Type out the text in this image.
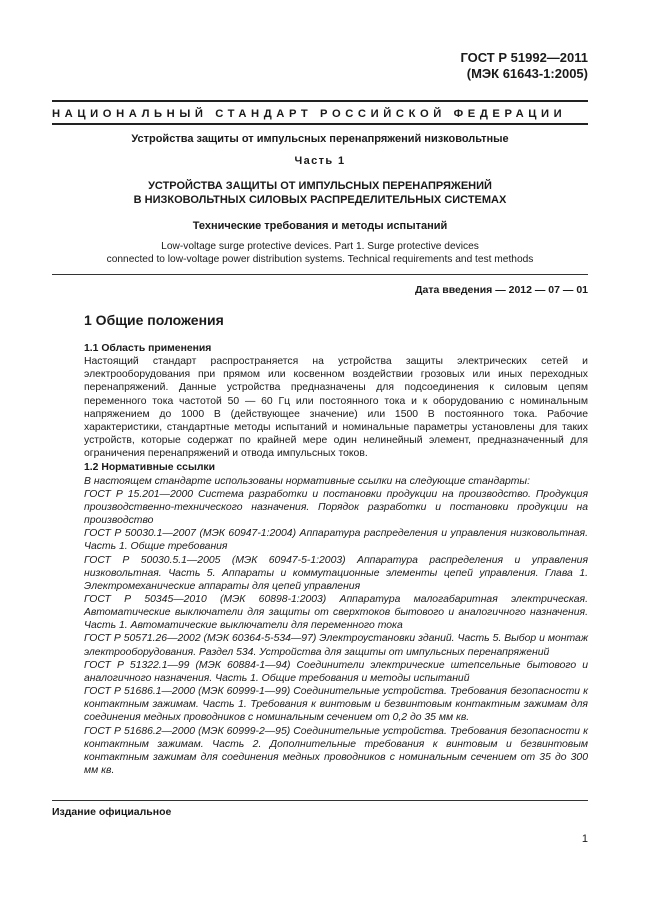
ГОСТ Р 51992—2011
(МЭК 61643-1:2005)
НАЦИОНАЛЬНЫЙ СТАНДАРТ РОССИЙСКОЙ ФЕДЕРАЦИИ
Устройства защиты от импульсных перенапряжений низковольтные
Часть 1
УСТРОЙСТВА ЗАЩИТЫ ОТ ИМПУЛЬСНЫХ ПЕРЕНАПРЯЖЕНИЙ
В НИЗКОВОЛЬТНЫХ СИЛОВЫХ РАСПРЕДЕЛИТЕЛЬНЫХ СИСТЕМАХ
Технические требования и методы испытаний
Low-voltage surge protective devices. Part 1. Surge protective devices
connected to low-voltage power distribution systems. Technical requirements and test methods
Дата введения — 2012 — 07 — 01
1 Общие положения

1.1 Область применения

Настоящий стандарт распространяется на устройства защиты электрических сетей и электрооборудования при прямом или косвенном воздействии грозовых или иных переходных перенапряжений. Данные устройства предназначены для подсоединения к силовым цепям переменного тока частотой 50 — 60 Гц или постоянного тока и к оборудованию с номинальным напряжением до 1000 В (действующее значение) или 1500 В постоянного тока. Рабочие характеристики, стандартные методы испытаний и номинальные параметры установлены для таких устройств, которые содержат по крайней мере один нелинейный элемент, предназначенный для ограничения перенапряжений и отвода импульсных токов.

1.2 Нормативные ссылки

В настоящем стандарте использованы нормативные ссылки на следующие стандарты:

ГОСТ Р 15.201—2000 Система разработки и постановки продукции на производство. Продукция производственно-технического назначения. Порядок разработки и постановки продукции на производство

ГОСТ Р 50030.1—2007 (МЭК 60947-1:2004) Аппаратура распределения и управления низковольтная. Часть 1. Общие требования

ГОСТ Р 50030.5.1—2005 (МЭК 60947-5-1:2003) Аппаратура распределения и управления низковольтная. Часть 5. Аппараты и коммутационные элементы цепей управления. Глава 1. Электромеханические аппараты для цепей управления

ГОСТ Р 50345—2010 (МЭК 60898-1:2003) Аппаратура малогабаритная электрическая. Автоматические выключатели для защиты от сверхтоков бытового и аналогичного назначения. Часть 1. Автоматические выключатели для переменного тока

ГОСТ Р 50571.26—2002 (МЭК 60364-5-534—97) Электроустановки зданий. Часть 5. Выбор и монтаж электрооборудования. Раздел 534. Устройства для защиты от импульсных перенапряжений

ГОСТ Р 51322.1—99 (МЭК 60884-1—94) Соединители электрические штепсельные бытового и аналогичного назначения. Часть 1. Общие требования и методы испытаний

ГОСТ Р 51686.1—2000 (МЭК 60999-1—99) Соединительные устройства. Требования безопасности к контактным зажимам. Часть 1. Требования к винтовым и безвинтовым контактным зажимам для соединения медных проводников с номинальным сечением от 0,2 до 35 мм кв.

ГОСТ Р 51686.2—2000 (МЭК 60999-2—95) Соединительные устройства. Требования безопасности к контактным зажимам. Часть 2. Дополнительные требования к винтовым и безвинтовым контактным зажимам для соединения медных проводников с номинальным сечением от 35 до 300 мм кв.

Издание официальное
1
